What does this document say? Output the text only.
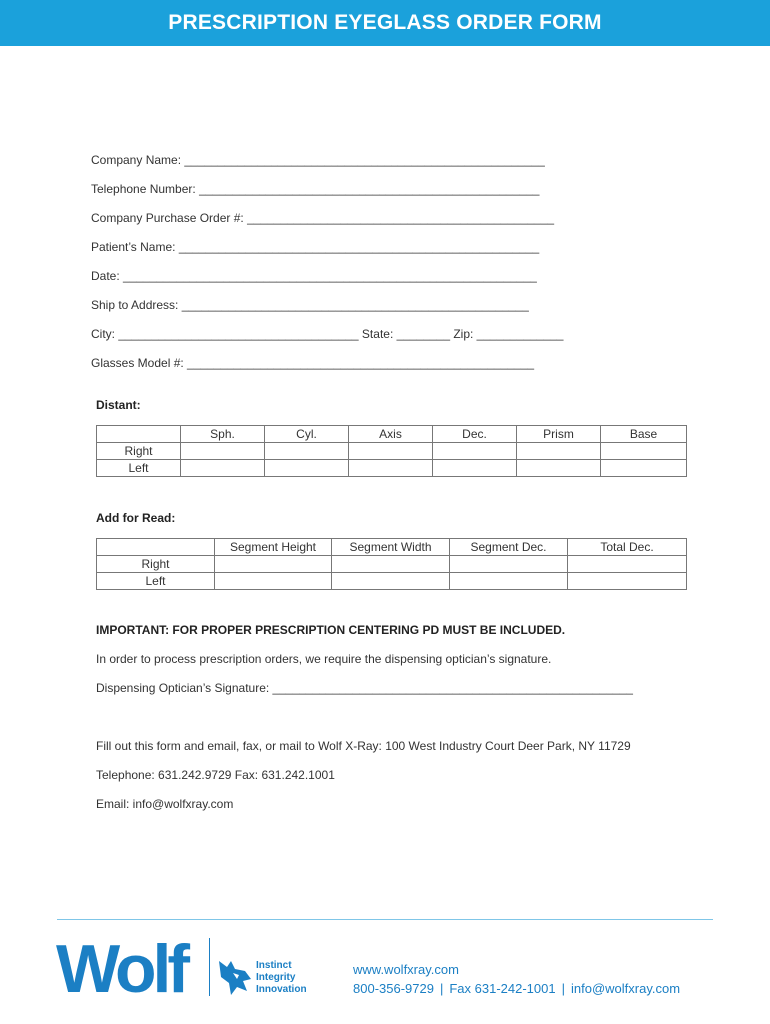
PRESCRIPTION EYEGLASS ORDER FORM
Company Name: ______________________________________________________
Telephone Number: ___________________________________________________
Company Purchase Order #: ______________________________________________
Patient’s Name: ______________________________________________________
Date: ______________________________________________________________
Ship to Address: ____________________________________________________
City: ____________________________________ State: ________ Zip: _____________
Glasses Model #: ____________________________________________________
Distant:
	Sph.	Cyl.	Axis	Dec.	Prism	Base
Right						
Left						
Add for Read:
	Segment Height	Segment Width	Segment Dec.	Total Dec.
Right				
Left				
IMPORTANT: FOR PROPER PRESCRIPTION CENTERING PD MUST BE INCLUDED.
In order to process prescription orders, we require the dispensing optician’s signature.
Dispensing Optician’s Signature: ______________________________________________________
Fill out this form and email, fax, or mail to Wolf X-Ray: 100 West Industry Court Deer Park, NY 11729
Telephone: 631.242.9729 Fax: 631.242.1001
Email: info@wolfxray.com
Wolf	Instinct
Integrity
Innovation
www.wolfxray.com
800-356-9729 | Fax 631-242-1001 | info@wolfxray.com
